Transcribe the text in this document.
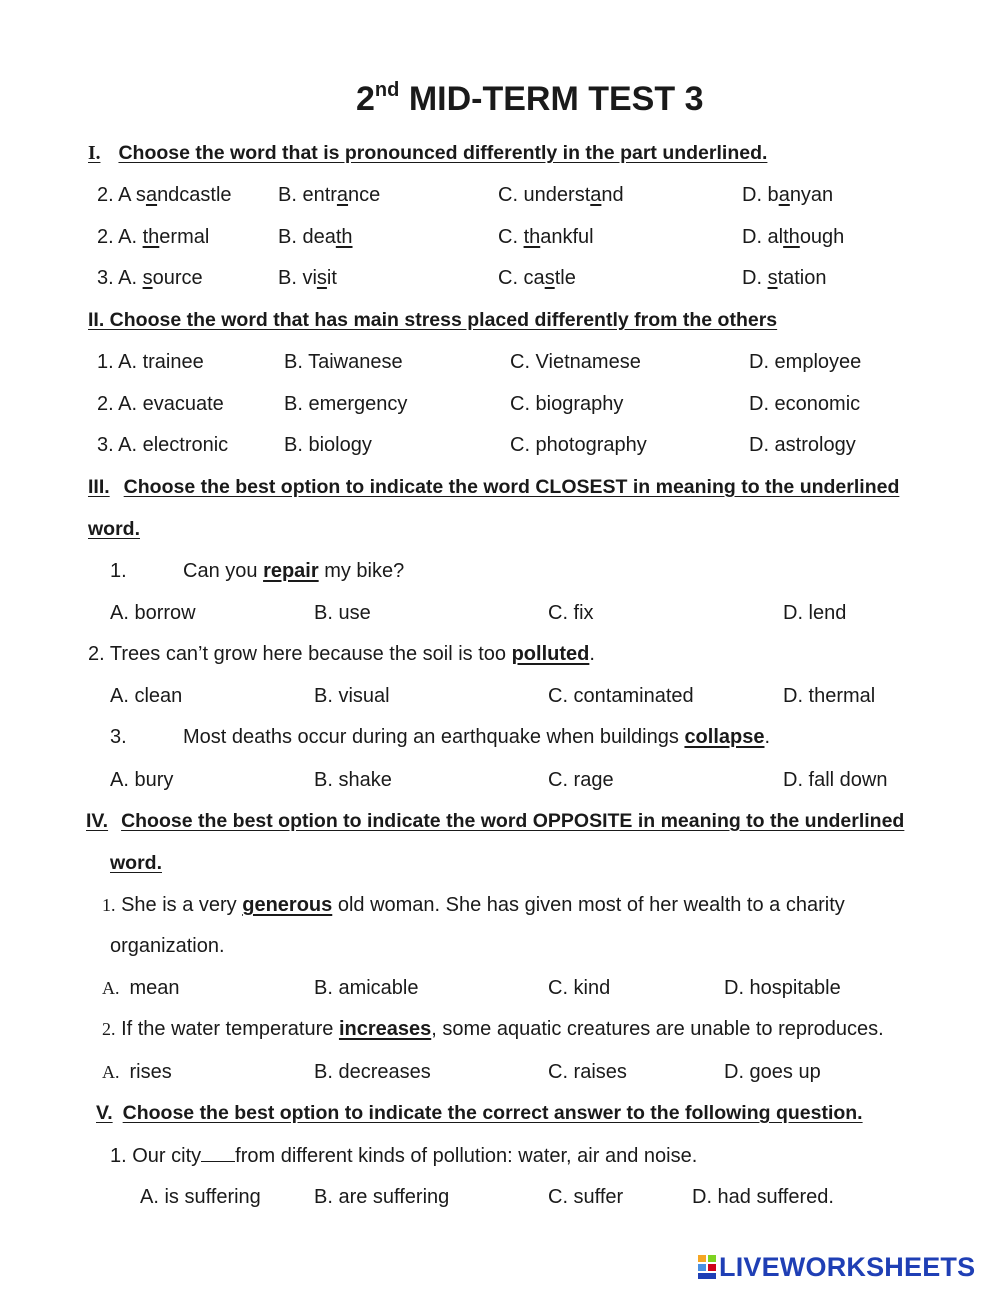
2nd MID-TERM TEST 3
I. Choose the word that is pronounced differently in the part underlined.
2. A sandcastle B. entrance	C. understand	D. banyan
2. A. thermal	B. death	C. thankful	D. although
3. A. source	B. visit	C. castle	D. station
II. Choose the word that has main stress placed differently from the others
1. A. trainee	B. Taiwanese	C. Vietnamese	D. employee
2. A. evacuate	B. emergency	C. biography	D. economic
3. A. electronic	B. biology	C. photography	D. astrology
III. Choose the best option to indicate the word CLOSEST in meaning to the underlined
word.
1.	Can you repair my bike?
A. borrow	B. use	C. fix	D. lend
2. Trees can’t grow here because the soil is too polluted.
A. clean	B. visual	C. contaminated	D. thermal
3.	Most deaths occur during an earthquake when buildings collapse.
A. bury	B. shake	C. rage	D. fall down
IV. Choose the best option to indicate the word OPPOSITE in meaning to the underlined
word.
1. She is a very generous old woman. She has given most of her wealth to a charity
organization.
A. mean	B. amicable	C. kind	D. hospitable
2. If the water temperature increases, some aquatic creatures are unable to reproduces.
A. rises	B. decreases	C. raises	D. goes up
V. Choose the best option to indicate the correct answer to the following question.
1. Our city from different kinds of pollution: water, air and noise.
A. is suffering	B. are suffering	C. suffer	D. had suffered.
LIVEWORKSHEETS
